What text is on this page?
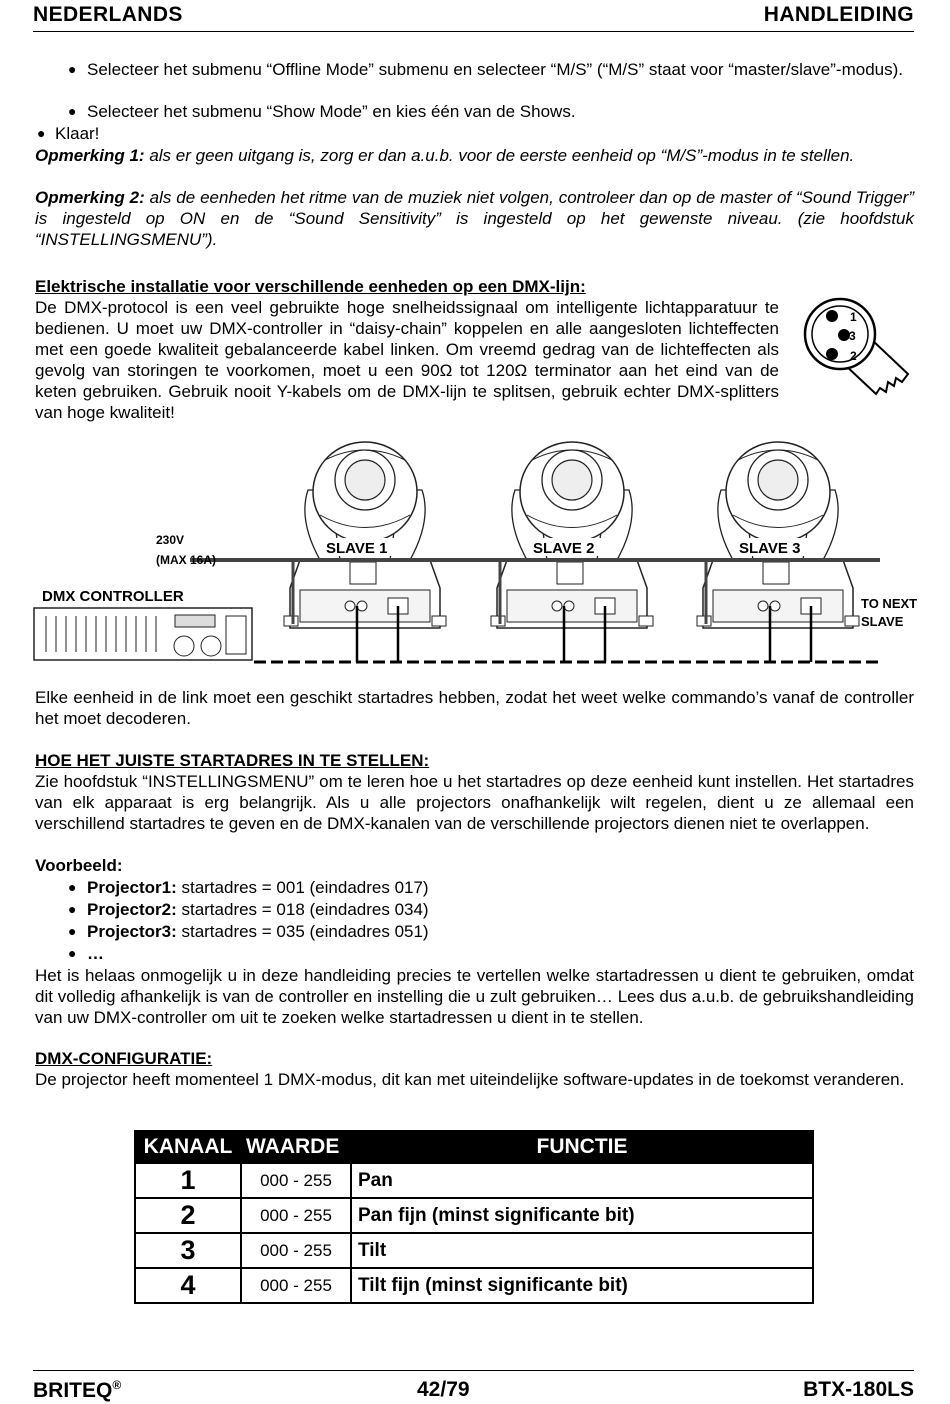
NEDERLANDS	HANDLEIDING
● Selecteer het submenu “Offline Mode” submenu en selecteer “M/S” (“M/S” staat voor “master/slave”-modus).

● Selecteer het submenu “Show Mode” en kies één van de Shows.

● Klaar!

Opmerking 1: als er geen uitgang is, zorg er dan a.u.b. voor de eerste eenheid op “M/S”-modus in te stellen.

Opmerking 2: als de eenheden het ritme van de muziek niet volgen, controleer dan op de master of “Sound Trigger” is ingesteld op ON en de “Sound Sensitivity” is ingesteld op het gewenste niveau. (zie hoofdstuk “INSTELLINGSMENU”).

Elektrische installatie voor verschillende eenheden op een DMX-lijn:

De DMX-protocol is een veel gebruikte hoge snelheidssignaal om intelligente lichtapparatuur te bedienen. U moet uw DMX-controller in “daisy-chain” koppelen en alle aangesloten lichteffecten met een goede kwaliteit gebalanceerde kabel linken. Om vreemd gedrag van de lichteffecten als gevolg van storingen te voorkomen, moet u een 90Ω tot 120Ω terminator aan het eind van de keten gebruiken. Gebruik nooit Y-kabels om de DMX-lijn te splitsen, gebruik echter DMX-splitters van hoge kwaliteit!

1
3
2
230V
(MAX 16A)
DMX CONTROLLER
SLAVE 1	SLAVE 2	SLAVE 3
TO NEXT
SLAVE

Elke eenheid in de link moet een geschikt startadres hebben, zodat het weet welke commando’s vanaf de controller het moet decoderen.

HOE HET JUISTE STARTADRES IN TE STELLEN:

Zie hoofdstuk “INSTELLINGSMENU” om te leren hoe u het startadres op deze eenheid kunt instellen. Het startadres van elk apparaat is erg belangrijk. Als u alle projectors onafhankelijk wilt regelen, dient u ze allemaal een verschillend startadres te geven en de DMX-kanalen van de verschillende projectors dienen niet te overlappen.

Voorbeeld:

● Projector1: startadres = 001 (eindadres 017)

● Projector2: startadres = 018 (eindadres 034)

● Projector3: startadres = 035 (eindadres 051)

● …

Het is helaas onmogelijk u in deze handleiding precies te vertellen welke startadressen u dient te gebruiken, omdat dit volledig afhankelijk is van de controller en instelling die u zult gebruiken… Lees dus a.u.b. de gebruikshandleiding van uw DMX-controller om uit te zoeken welke startadressen u dient in te stellen.

DMX-CONFIGURATIE:

De projector heeft momenteel 1 DMX-modus, dit kan met uiteindelijke software-updates in de toekomst veranderen.

KANAAL	WAARDE	FUNCTIE
1	000 - 255	Pan
2	000 - 255	Pan fijn (minst significante bit)
3	000 - 255	Tilt
4	000 - 255	Tilt fijn (minst significante bit)
BRITEQ®	42/79	BTX-180LS
